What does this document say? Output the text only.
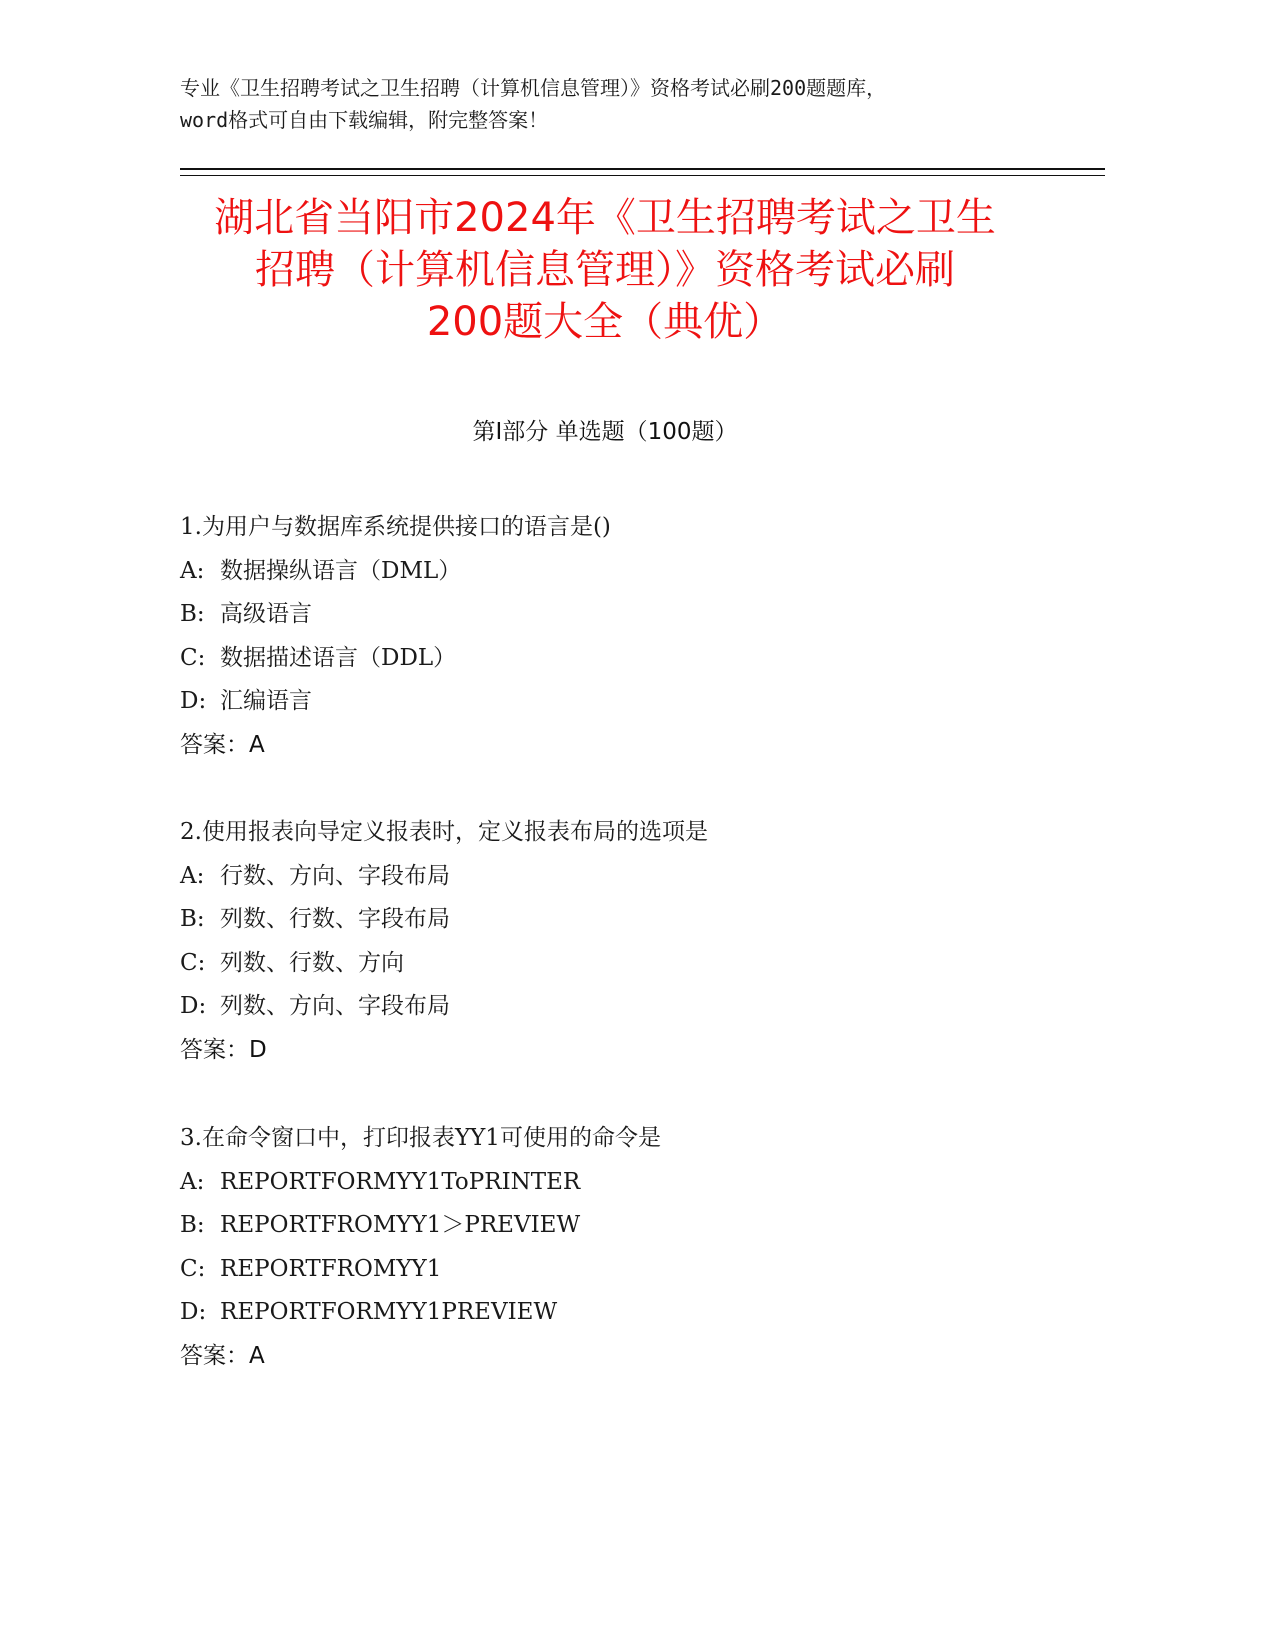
专业《卫生招聘考试之卫生招聘（计算机信息管理）》资格考试必刷200题题库，
word格式可自由下载编辑，附完整答案！
湖北省当阳市2024年《卫生招聘考试之卫生
招聘（计算机信息管理）》资格考试必刷
200题大全（典优）
第Ⅰ部分 单选题（100题）
1.为用户与数据库系统提供接口的语言是()
A: 数据操纵语言（DML）
B: 高级语言
C: 数据描述语言（DDL）
D: 汇编语言
答案：A
2.使用报表向导定义报表时，定义报表布局的选项是
A: 行数、方向、字段布局
B: 列数、行数、字段布局
C: 列数、行数、方向
D: 列数、方向、字段布局
答案：D
3.在命令窗口中，打印报表YY1可使用的命令是
A: REPORTFORMYY1ToPRINTER
B: REPORTFROMYY1＞PREVIEW
C: REPORTFROMYY1
D: REPORTFORMYY1PREVIEW
答案：A
